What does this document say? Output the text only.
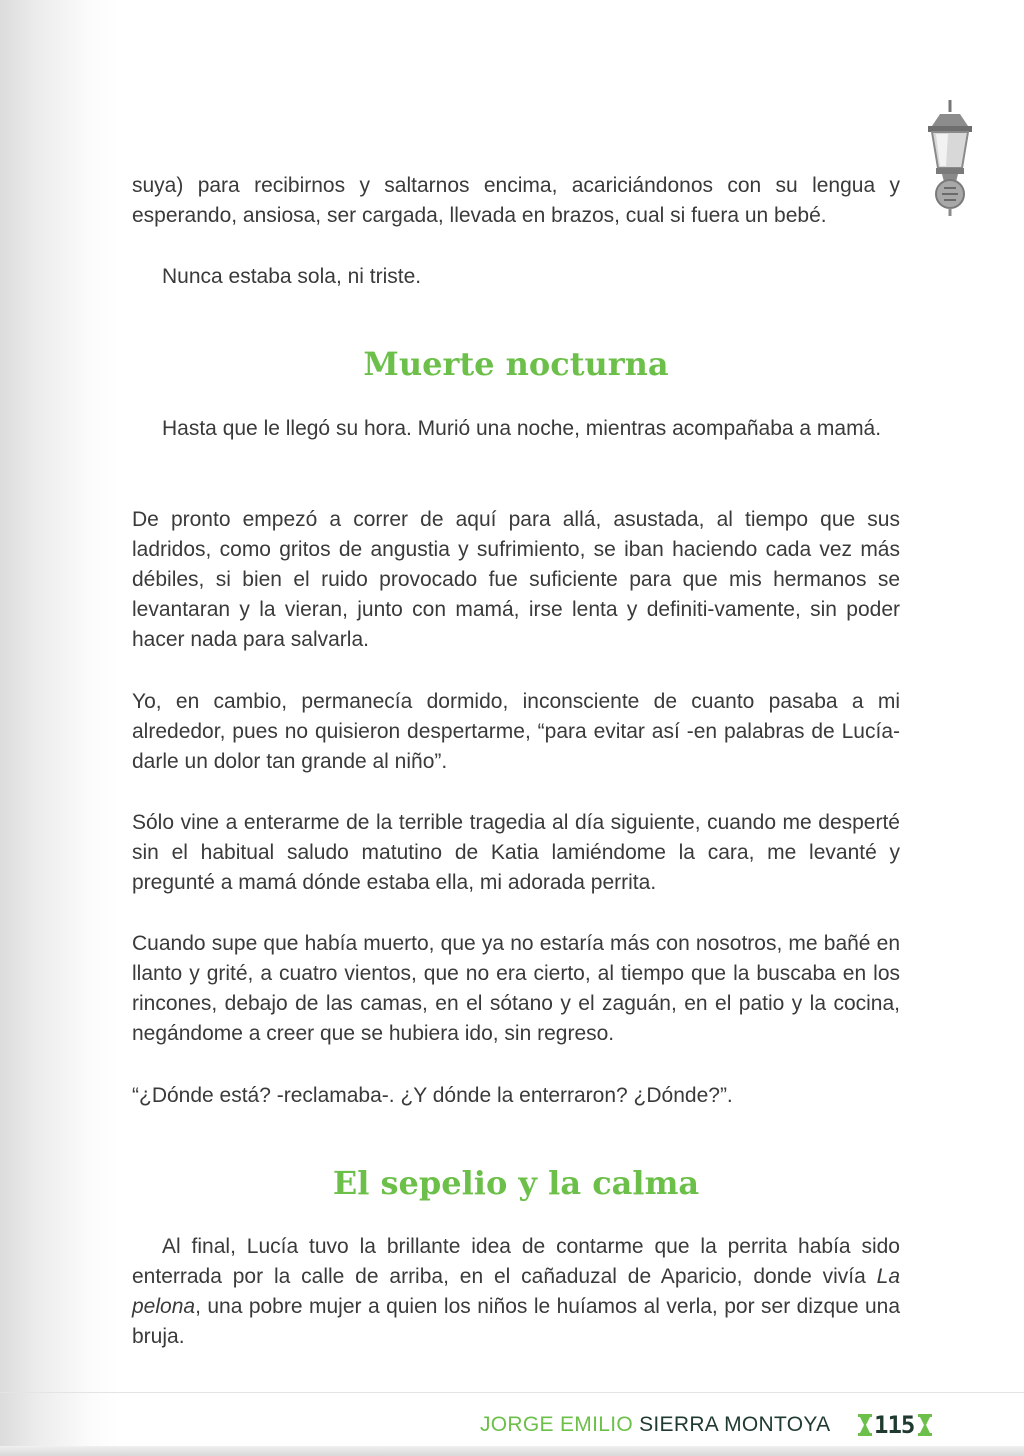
suya) para recibirnos y saltarnos encima, acariciándonos con su lengua y esperando, ansiosa, ser cargada, llevada en brazos, cual si fuera un bebé.

Nunca estaba sola, ni triste.

Muerte nocturna

Hasta que le llegó su hora. Murió una noche, mientras acompañaba a mamá.

De pronto empezó a correr de aquí para allá, asustada, al tiempo que sus ladridos, como gritos de angustia y sufrimiento, se iban haciendo cada vez más débiles, si bien el ruido provocado fue suficiente para que mis hermanos se levantaran y la vieran, junto con mamá, irse lenta y definiti-vamente, sin poder hacer nada para salvarla.

Yo, en cambio, permanecía dormido, inconsciente de cuanto pasaba a mi alrededor, pues no quisieron despertarme, “para evitar así -en palabras de Lucía- darle un dolor tan grande al niño”.

Sólo vine a enterarme de la terrible tragedia al día siguiente, cuando me desperté sin el habitual saludo matutino de Katia lamiéndome la cara, me levanté y pregunté a mamá dónde estaba ella, mi adorada perrita.

Cuando supe que había muerto, que ya no estaría más con nosotros, me bañé en llanto y grité, a cuatro vientos, que no era cierto, al tiempo que la buscaba en los rincones, debajo de las camas, en el sótano y el zaguán, en el patio y la cocina, negándome a creer que se hubiera ido, sin regreso.

“¿Dónde está? -reclamaba-. ¿Y dónde la enterraron? ¿Dónde?”.

El sepelio y la calma

Al final, Lucía tuvo la brillante idea de contarme que la perrita había sido enterrada por la calle de arriba, en el cañaduzal de Aparicio, donde vivía La pelona, una pobre mujer a quien los niños le huíamos al verla, por ser dizque una bruja.

JORGE EMILIO SIERRA MONTOYA 115
